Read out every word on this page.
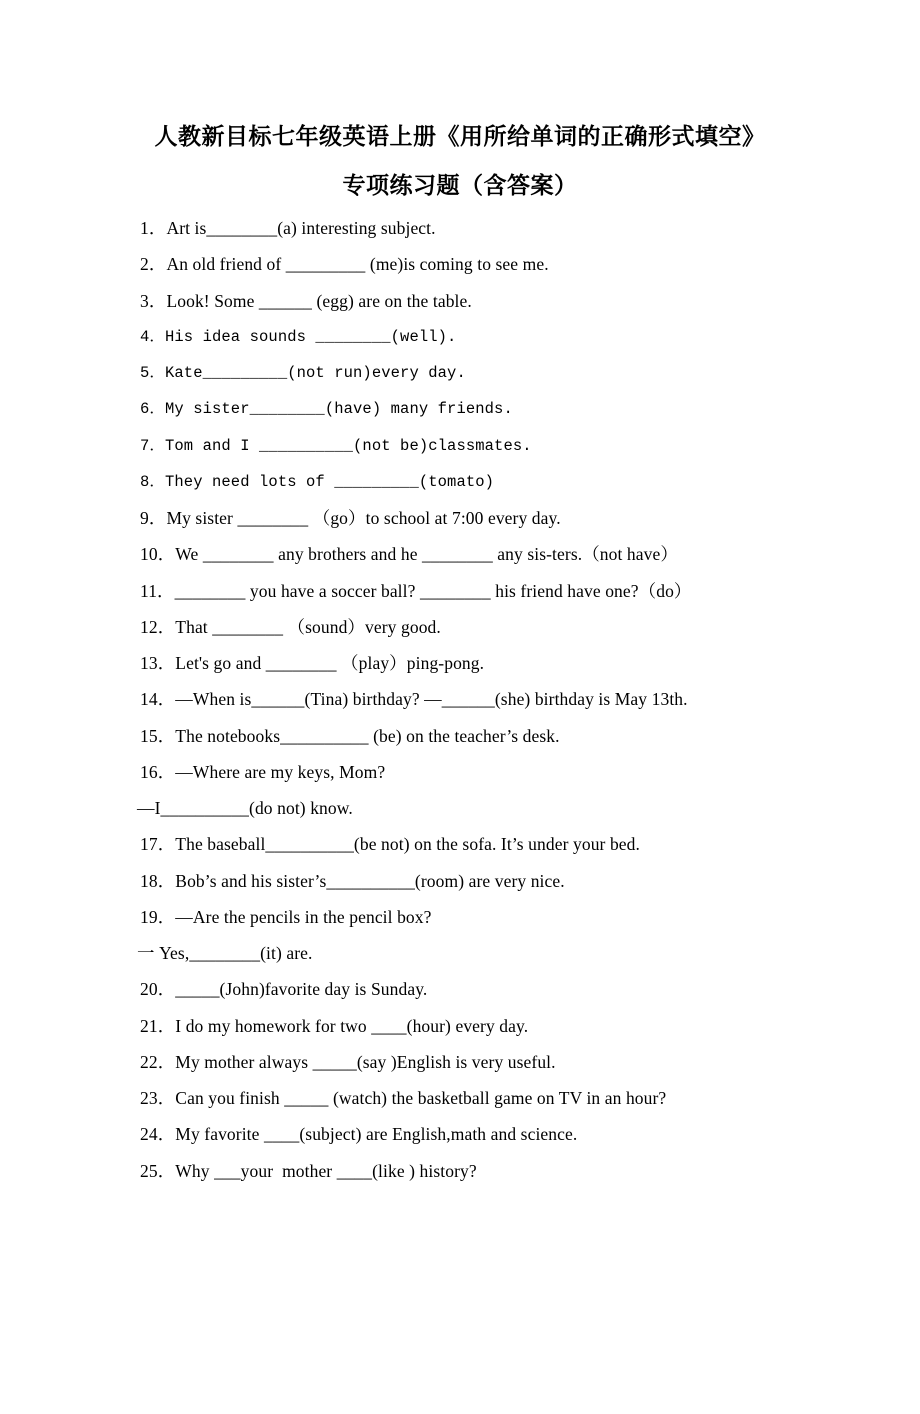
人教新目标七年级英语上册《用所给单词的正确形式填空》

专项练习题（含答案）

1．Art is________(a) interesting subject.

2．An old friend of _________ (me)is coming to see me.

3．Look! Some ______ (egg) are on the table.

4．His idea sounds ________(well).

5．Kate_________(not run)every day.

6．My sister________(have) many friends.

7．Tom and I __________(not be)classmates.

8．They need lots of _________(tomato)

9．My sister ________ （go）to school at 7:00 every day.

10．We ________ any brothers and he ________ any sis-ters.（not have）

11．________ you have a soccer ball? ________ his friend have one?（do）

12．That ________ （sound）very good.

13．Let's go and ________ （play）ping-pong.

14．—When is______(Tina) birthday? —______(she) birthday is May 13th.

15．The notebooks__________ (be) on the teacher’s desk.

16．—Where are my keys, Mom?

—I__________(do not) know.

17．The baseball__________(be not) on the sofa. It’s under your bed.

18．Bob’s and his sister’s__________(room) are very nice.

19．—Are the pencils in the pencil box?

一 Yes,________(it) are.

20．_____(John)favorite day is Sunday.

21．I do my homework for two ____(hour) every day.

22．My mother always _____(say )English is very useful.

23．Can you finish _____ (watch) the basketball game on TV in an hour?

24．My favorite ____(subject) are English,math and science.

25．Why ___your  mother ____(like ) history?
